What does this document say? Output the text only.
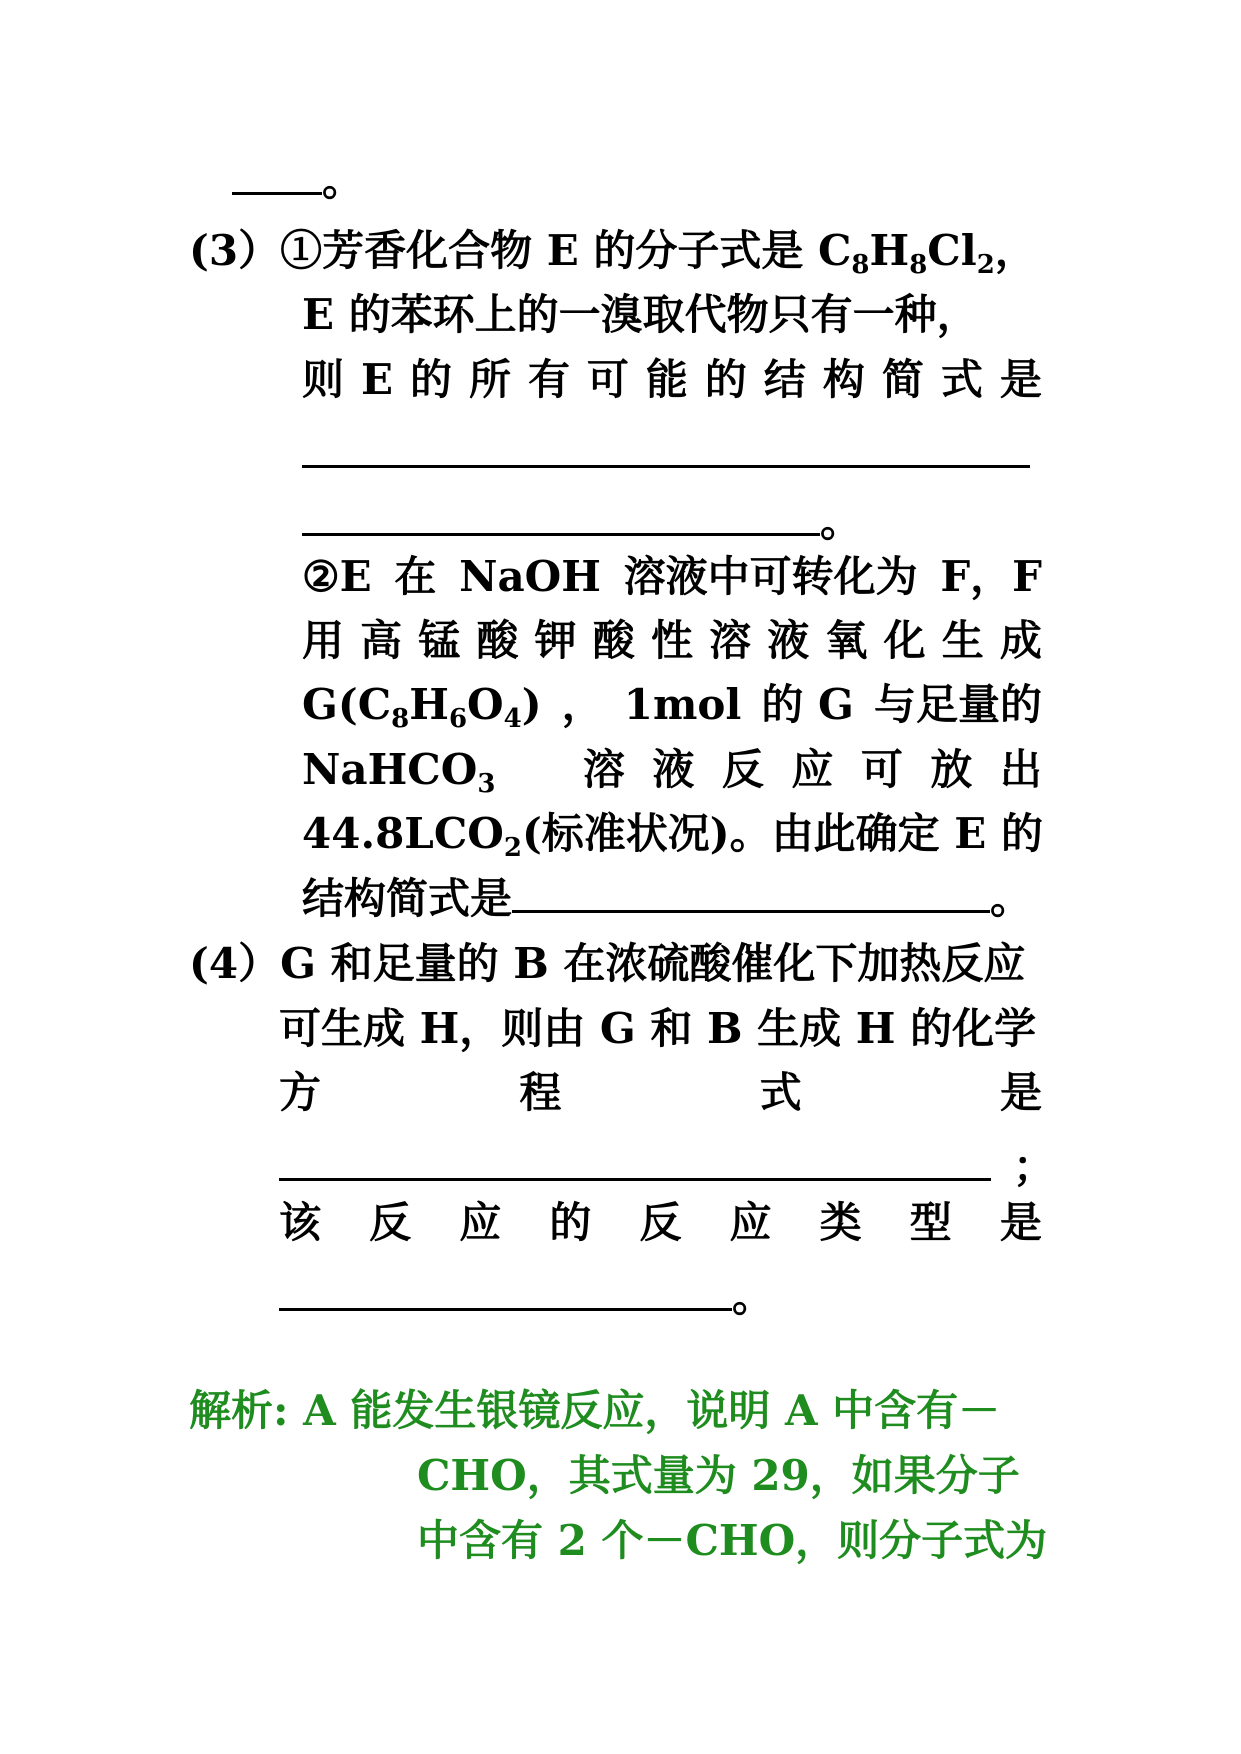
。
(3）①芳香化合物 E 的分子式是 $C_8H_8Cl_2$，
E 的苯环上的一溴取代物只有一种，
则 E 的 所 有 可 能 的 结 构 简 式 是
。
②E 在 NaOH 溶液中可转化为 F，F
用 高 锰 酸 钾 酸 性 溶 液 氧 化 生 成
$G(C_8H_6O_4)$ ， 1mol 的 G 与足量的
NaHCO$_3$ 溶 液 反 应 可 放 出
$44.8LCO_2$(标准状况)。由此确定 E 的
结构简式是	。
(4）G 和足量的 B 在浓硫酸催化下加热反应
可生成 H，则由 G 和 B 生成 H 的化学
方	程	式	是
；
该 反 应 的 反 应 类 型 是
。
解析: A 能发生银镜反应，说明 A 中含有－
CHO，其式量为 29，如果分子
中含有 2 个－CHO，则分子式为
